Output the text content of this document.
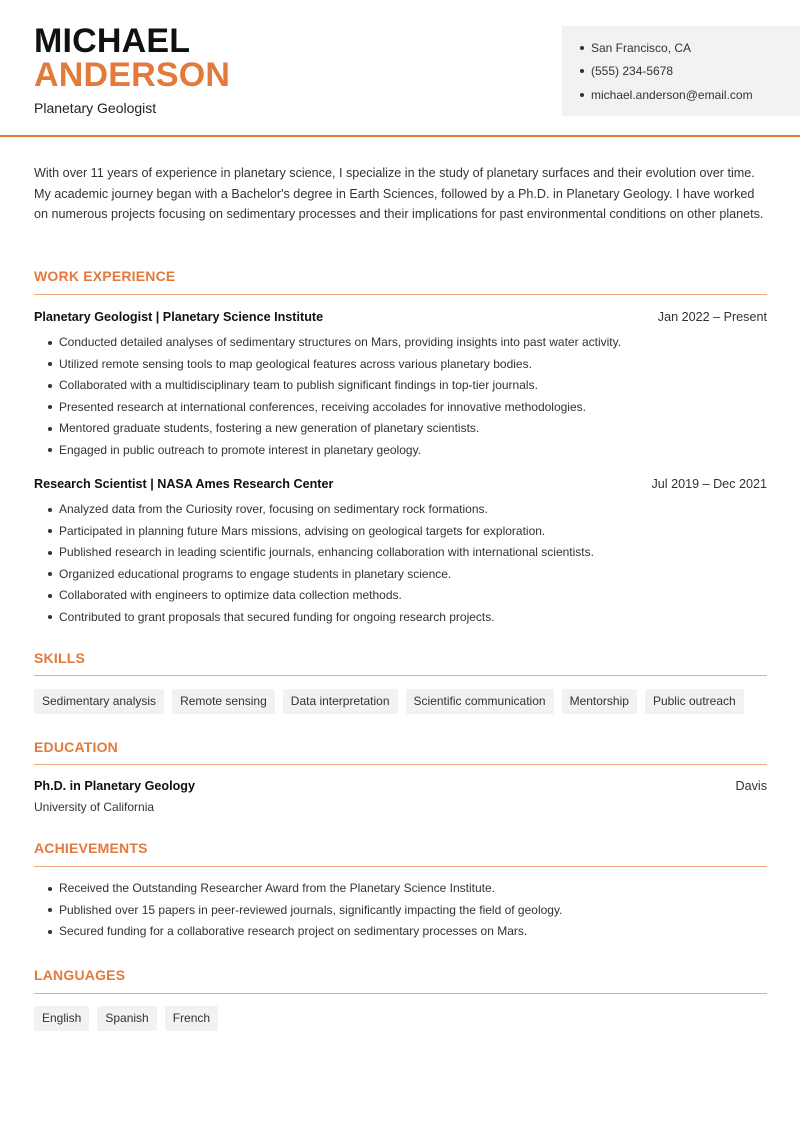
MICHAEL
ANDERSON
Planetary Geologist
San Francisco, CA
(555) 234-5678
michael.anderson@email.com

With over 11 years of experience in planetary science, I specialize in the study of planetary surfaces and their evolution over time. My academic journey began with a Bachelor's degree in Earth Sciences, followed by a Ph.D. in Planetary Geology. I have worked on numerous projects focusing on sedimentary processes and their implications for past environmental conditions on other planets.

WORK EXPERIENCE
Planetary Geologist | Planetary Science Institute	Jan 2022 – Present
Conducted detailed analyses of sedimentary structures on Mars, providing insights into past water activity.
Utilized remote sensing tools to map geological features across various planetary bodies.
Collaborated with a multidisciplinary team to publish significant findings in top-tier journals.
Presented research at international conferences, receiving accolades for innovative methodologies.
Mentored graduate students, fostering a new generation of planetary scientists.
Engaged in public outreach to promote interest in planetary geology.
Research Scientist | NASA Ames Research Center	Jul 2019 – Dec 2021
Analyzed data from the Curiosity rover, focusing on sedimentary rock formations.
Participated in planning future Mars missions, advising on geological targets for exploration.
Published research in leading scientific journals, enhancing collaboration with international scientists.
Organized educational programs to engage students in planetary science.
Collaborated with engineers to optimize data collection methods.
Contributed to grant proposals that secured funding for ongoing research projects.
SKILLS
Sedimentary analysis	Remote sensing	Data interpretation	Scientific communication	Mentorship	Public outreach
EDUCATION
Ph.D. in Planetary Geology	Davis
University of California
ACHIEVEMENTS
Received the Outstanding Researcher Award from the Planetary Science Institute.
Published over 15 papers in peer-reviewed journals, significantly impacting the field of geology.
Secured funding for a collaborative research project on sedimentary processes on Mars.
LANGUAGES
English	Spanish	French
